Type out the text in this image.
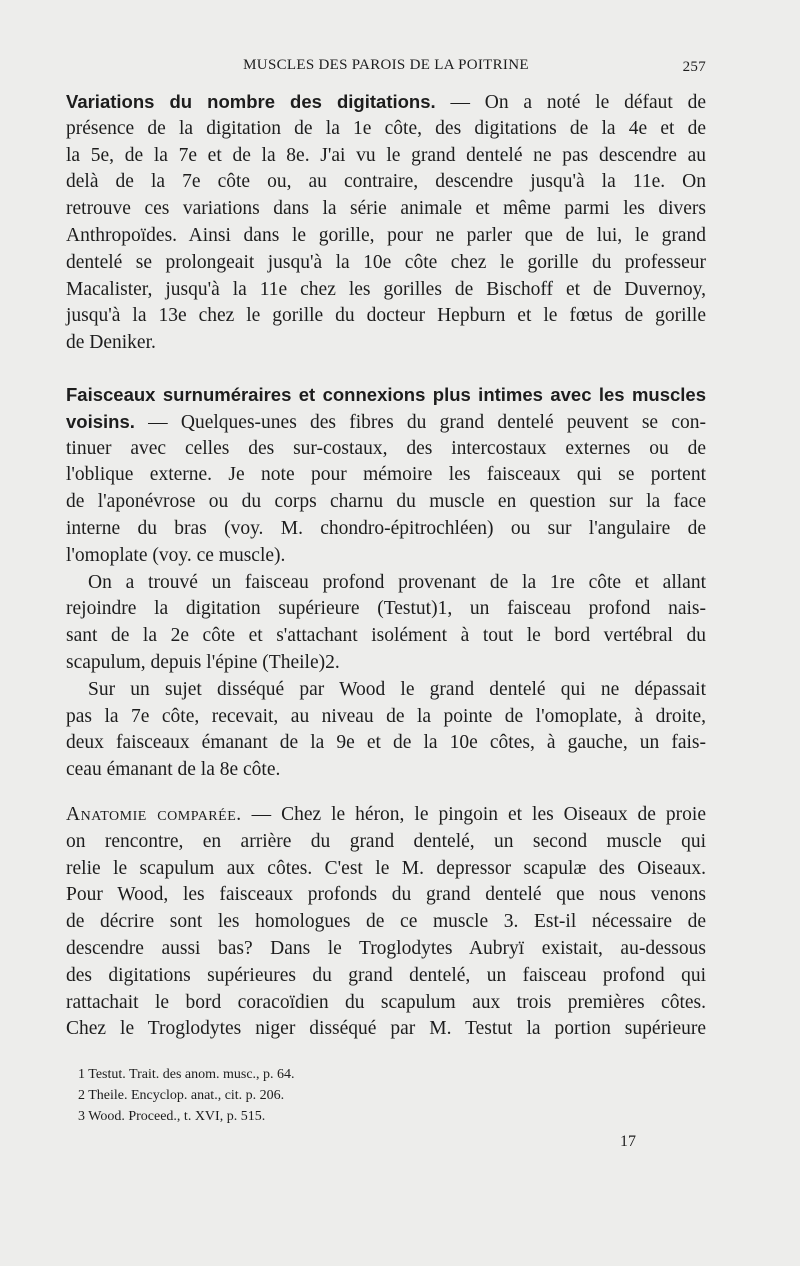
MUSCLES DES PAROIS DE LA POITRINE	257
Variations du nombre des digitations. — On a noté le défaut de
présence de la digitation de la 1e côte, des digitations de la 4e et de
la 5e, de la 7e et de la 8e. J'ai vu le grand dentelé ne pas descendre au
delà de la 7e côte ou, au contraire, descendre jusqu'à la 11e. On
retrouve ces variations dans la série animale et même parmi les divers
Anthropoïdes. Ainsi dans le gorille, pour ne parler que de lui, le grand
dentelé se prolongeait jusqu'à la 10e côte chez le gorille du professeur
Macalister, jusqu'à la 11e chez les gorilles de Bischoff et de Duvernoy,
jusqu'à la 13e chez le gorille du docteur Hepburn et le fœtus de gorille
de Deniker.
Faisceaux surnuméraires et connexions plus intimes avec les muscles
voisins. — Quelques-unes des fibres du grand dentelé peuvent se con-
tinuer avec celles des sur-costaux, des intercostaux externes ou de
l'oblique externe. Je note pour mémoire les faisceaux qui se portent
de l'aponévrose ou du corps charnu du muscle en question sur la face
interne du bras (voy. M. chondro-épitrochléen) ou sur l'angulaire de
l'omoplate (voy. ce muscle).
On a trouvé un faisceau profond provenant de la 1re côte et allant
rejoindre la digitation supérieure (Testut)1, un faisceau profond nais-
sant de la 2e côte et s'attachant isolément à tout le bord vertébral du
scapulum, depuis l'épine (Theile)2.
Sur un sujet disséqué par Wood le grand dentelé qui ne dépassait
pas la 7e côte, recevait, au niveau de la pointe de l'omoplate, à droite,
deux faisceaux émanant de la 9e et de la 10e côtes, à gauche, un fais-
ceau émanant de la 8e côte.
Anatomie comparée. — Chez le héron, le pingoin et les Oiseaux de proie
on rencontre, en arrière du grand dentelé, un second muscle qui
relie le scapulum aux côtes. C'est le M. depressor scapulæ des Oiseaux.
Pour Wood, les faisceaux profonds du grand dentelé que nous venons
de décrire sont les homologues de ce muscle 3. Est-il nécessaire de
descendre aussi bas? Dans le Troglodytes Aubryï existait, au-dessous
des digitations supérieures du grand dentelé, un faisceau profond qui
rattachait le bord coracoïdien du scapulum aux trois premières côtes.
Chez le Troglodytes niger disséqué par M. Testut la portion supérieure
1 Testut. Trait. des anom. musc., p. 64.
2 Theile. Encyclop. anat., cit. p. 206.
3 Wood. Proceed., t. XVI, p. 515.
17
